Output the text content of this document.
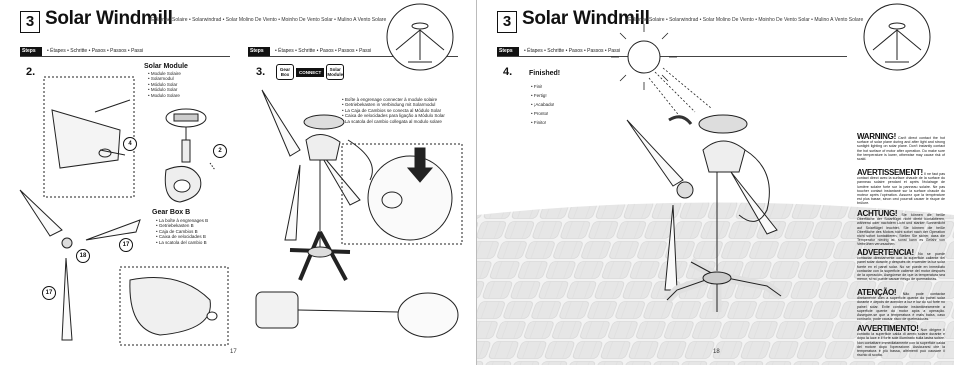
3 Solar Windmill
• Eolienne Solaire • Solarwindrad • Solar Molino De Viento • Moinho De Vento Solar • Mulino A Vento Solare
Steps	• Étapes • Schritte • Pasos • Passos • Passi	Steps	• Étapes • Schritte • Pasos • Passos • Passi
2.	Solar Module
• Module Solaire
• Solarmodul
• Módulo Solar
• Módulo Solar
• Modulo Solare
Gear Box B
• La boîte à engrenages B
• Getriebekasten B
• Caja de Cambios B
• Caixa de velocidades B
• La scatola del cambio B
4
2
17
18
17
3.	Gear Box	CONNECT	Solar Module
• Boîte à engrenage connecter à module solaire
• Getriebekasten in Verbindung mit Solarmodul
• La Caja de Cambios se conecta al Módulo Solar
• Caixa de velocidades para ligação a Módulo Solar
• La scatola del cambio collegata al modulo solare
17
3 Solar Windmill
• Eolienne Solaire • Solarwindrad • Solar Molino De Viento • Moinho De Vento Solar • Mulino A Vento Solare
Steps	• Étapes • Schritte • Pasos • Passos • Passi
4. Finished!
• Fini!
• Fertig!
• ¡Acabado!
• Pronto!
• Finito!
WARNING! Can't direct contact the hot surface of solar plane during and after light and strong sunlight lighting on solar plane. Don't instantly contact the hot surface of motor after operation. Do make sure the temperature is lower, otherwise may cause risk of scald.
AVERTISSEMENT! Il ne faut pas contact direct avec la surface chaude de la surface du panneau solaire pendant et après l'éclairage de lumière solaire forte sur la panneau solaire. Ne pas toucher contact instantané sur la surface chaude du moteur après l'opération. Assurez que la température est plus basse, sinon ceci pourrait causer le risque de brûlure.
ACHTUNG! Sie können die heiße Oberfläche der Solarflügel nicht direkt kontaktieren, während oder nachdem Licht und starker Sonnenlicht auf Solarflügel leuchtet. Sie können die heiße Oberfläche des Motors nicht sofort nach der Operation nicht sofort kontaktieren. Stellen Sie sicher, dass die Temperatur niedrig ist, sonst kann es Gefahr von Verbrühen verursachen.
ADVERTENCIA! No se puede contactar directamente con la superficie caliente del panel solar durante y después de encender la luz solar fuerte en el panel solar. No se puede en inmediato contactar con la superficie caliente del motor después de la operación. Asegúrese de que la temperatura sea menor, si no puede causar riesgo de quemaduras.
ATENÇÃO! Não pode contactar diretamente com a superfície quente do painel solar durante e depois de acender a luz e luz do sol forte no painel solar. Evite contactar instantâneamente a superfície quente do motor após a operação. Assegure-se que a temperatura é mais baixa, caso contrário, pode causar risco de queimaduras.
AVVERTIMENTO! Non dirigere il contatto la superficie calda di aereo solare durante e dopo la luce e il forte sole illuminato sulla lastra solare. Non contattare immediatamente con la superficie calda del motore dopo l'operazione. Assicurarsi che la temperatura è più bassa, altrimenti può causare il rischio di scotta.
18
